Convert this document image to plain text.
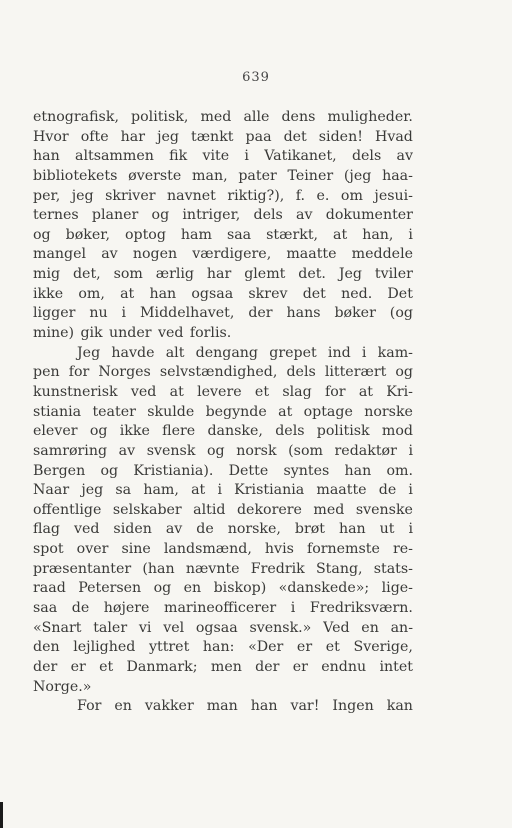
639
etnografisk, politisk, med alle dens muligheder.
Hvor ofte har jeg tænkt paa det siden! Hvad
han altsammen fik vite i Vatikanet, dels av
bibliotekets øverste man, pater Teiner (jeg haa-
per, jeg skriver navnet riktig?), f. e. om jesui-
ternes planer og intriger, dels av dokumenter
og bøker, optog ham saa stærkt, at han, i
mangel av nogen værdigere, maatte meddele
mig det, som ærlig har glemt det. Jeg tviler
ikke om, at han ogsaa skrev det ned. Det
ligger nu i Middelhavet, der hans bøker (og
mine) gik under ved forlis.
Jeg havde alt dengang grepet ind i kam-
pen for Norges selvstændighed, dels litterært og
kunstnerisk ved at levere et slag for at Kri-
stiania teater skulde begynde at optage norske
elever og ikke flere danske, dels politisk mod
samrøring av svensk og norsk (som redaktør i
Bergen og Kristiania). Dette syntes han om.
Naar jeg sa ham, at i Kristiania maatte de i
offentlige selskaber altid dekorere med svenske
flag ved siden av de norske, brøt han ut i
spot over sine landsmænd, hvis fornemste re-
præsentanter (han nævnte Fredrik Stang, stats-
raad Petersen og en biskop) «danskede»; lige-
saa de højere marineofficerer i Fredriksværn.
«Snart taler vi vel ogsaa svensk.» Ved en an-
den lejlighed yttret han: «Der er et Sverige,
der er et Danmark; men der er endnu intet
Norge.»
For en vakker man han var! Ingen kan
